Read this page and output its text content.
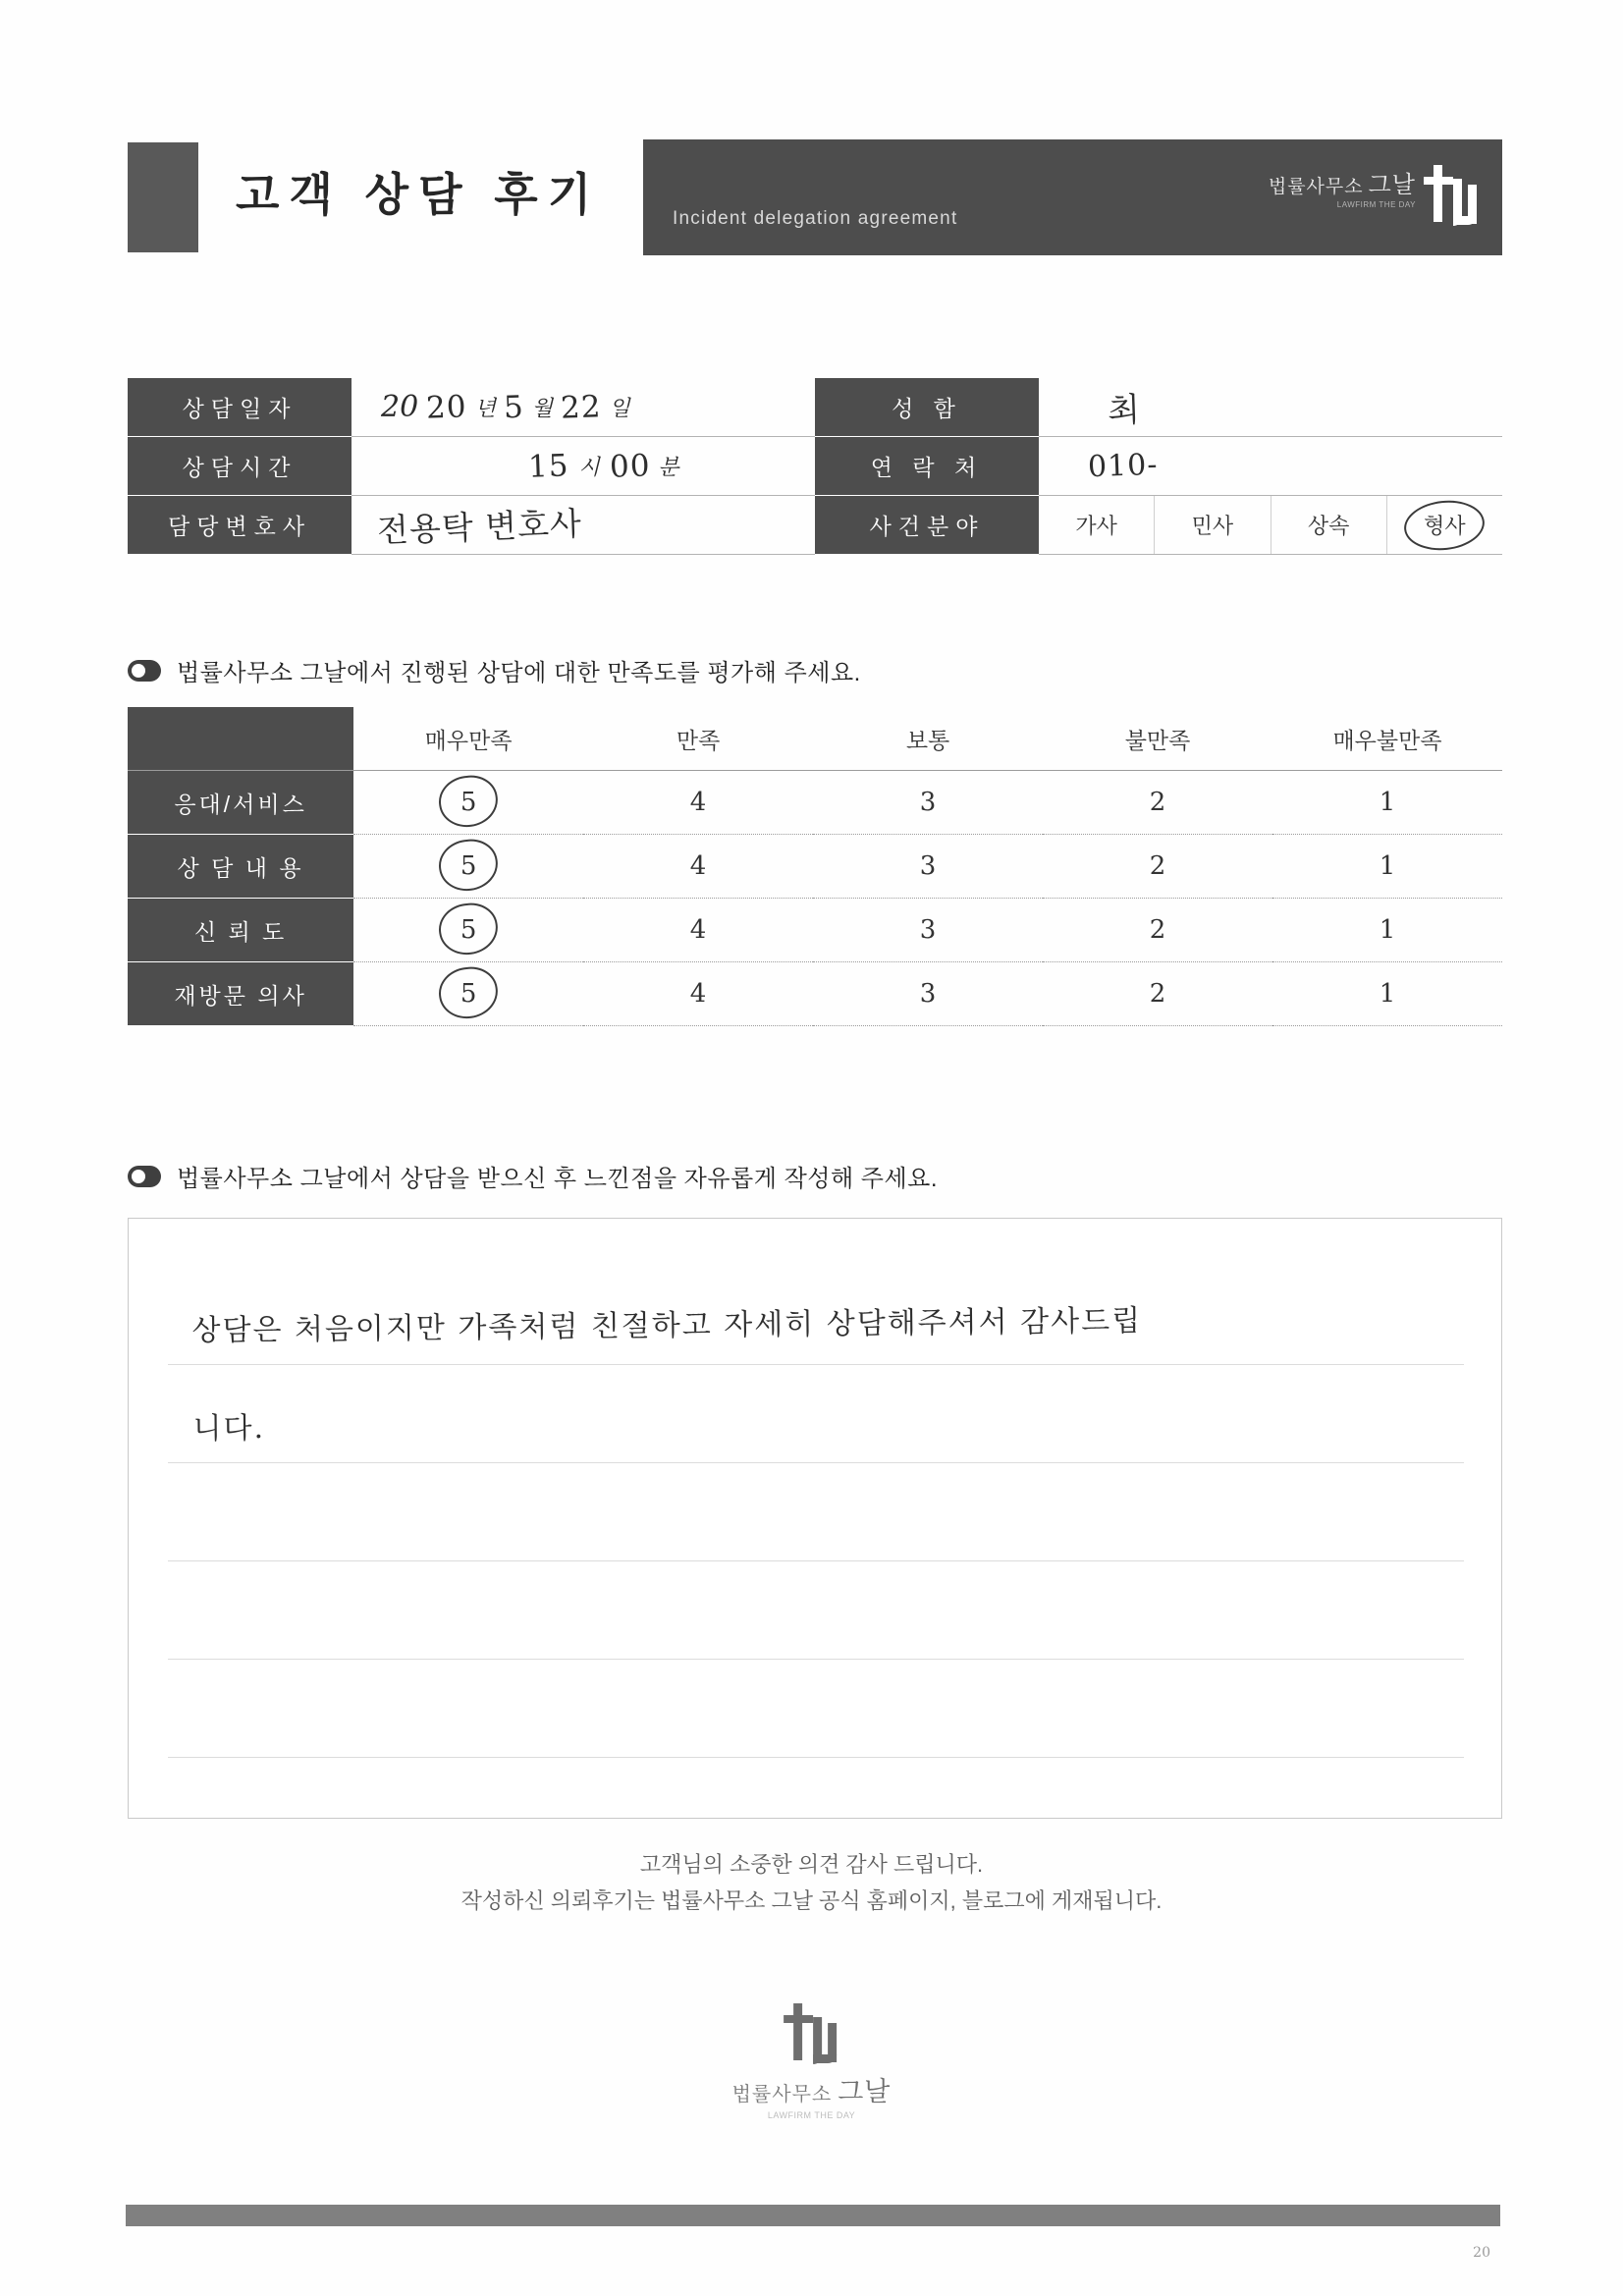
고객 상담 후기	Incident delegation agreement
법률사무소 그날
LAWFIRM THE DAY
상담일자	20 20 년 5 월 22 일
상담시간	15 시 00 분
담당변호사	전용탁 변호사
성 함	최
연 락 처	010-
사건분야	가사	민사	상속	형사
법률사무소 그날에서 진행된 상담에 대한 만족도를 평가해 주세요.
	매우만족	만족	보통	불만족	매우불만족
응대/서비스	5	4	3	2	1
상 담 내 용	5	4	3	2	1
신 뢰 도	5	4	3	2	1
재방문 의사	5	4	3	2	1
법률사무소 그날에서 상담을 받으신 후 느낀점을 자유롭게 작성해 주세요.
상담은 처음이지만 가족처럼 친절하고 자세히 상담해주셔서 감사드립
니다.
고객님의 소중한 의견 감사 드립니다.
작성하신 의뢰후기는 법률사무소 그날 공식 홈페이지, 블로그에 게재됩니다.
법률사무소 그날
LAWFIRM THE DAY
20
